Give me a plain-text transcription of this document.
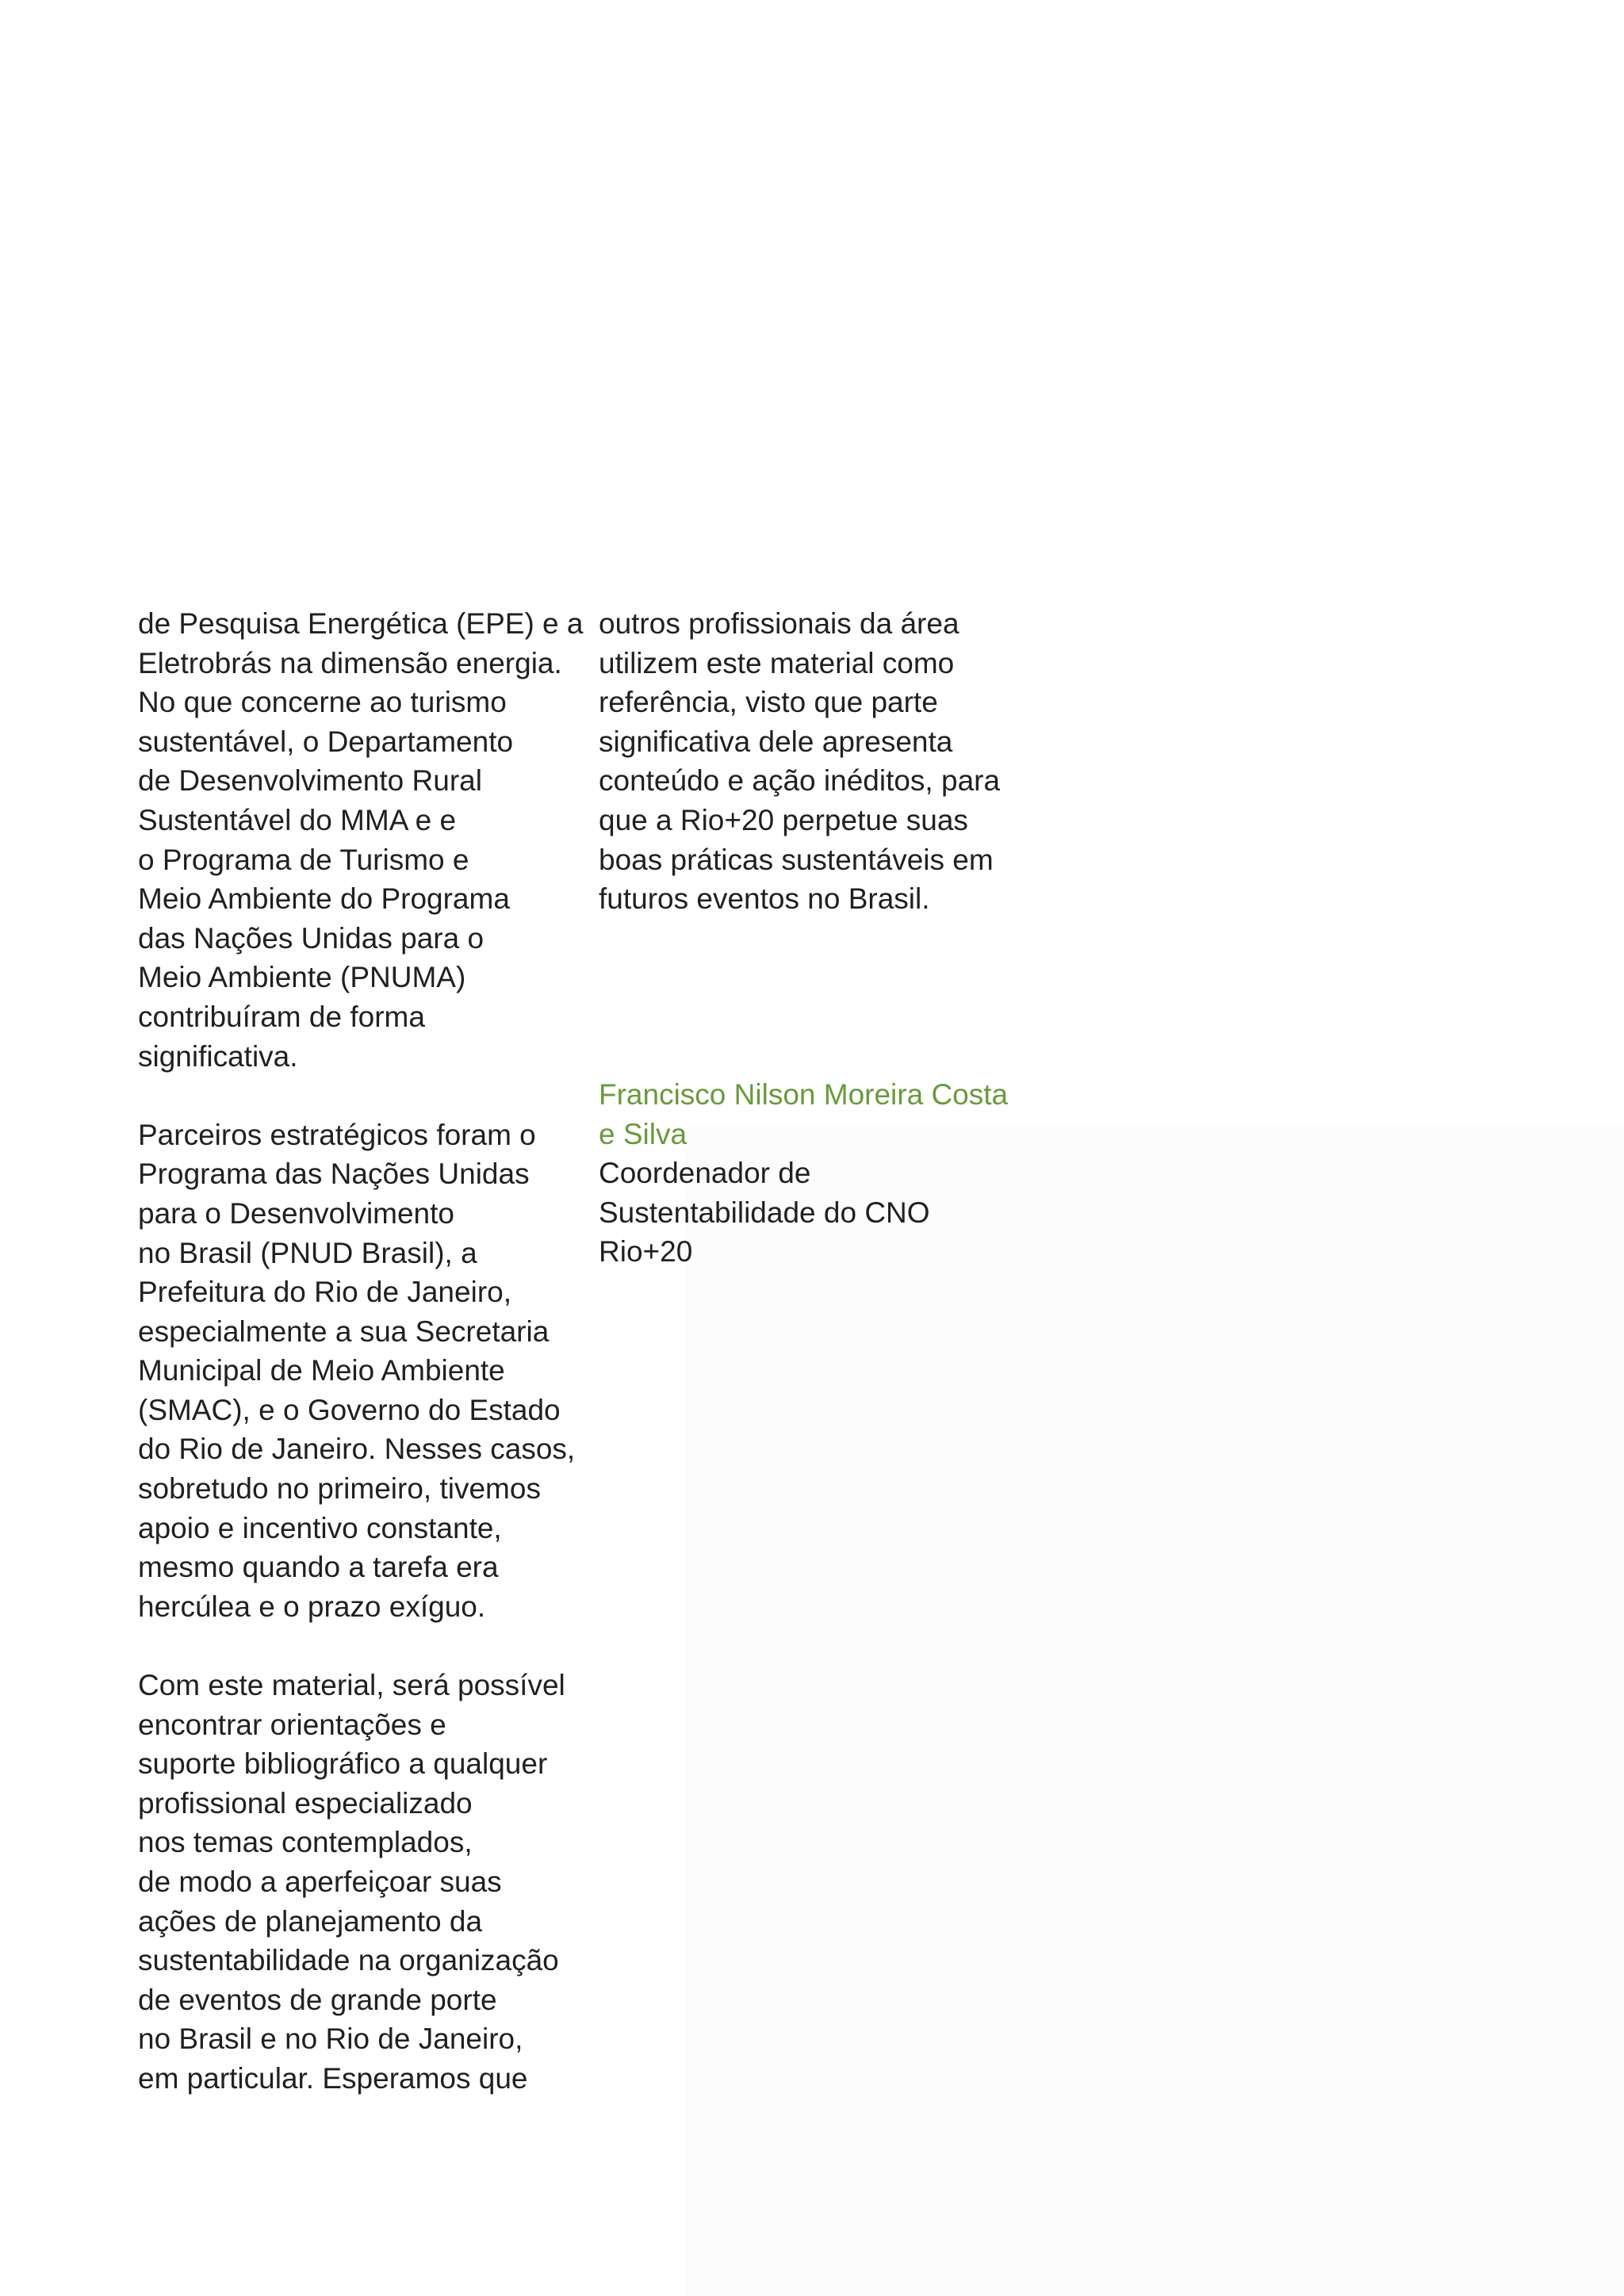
de Pesquisa Energética (EPE) e a
Eletrobrás na dimensão energia.
No que concerne ao turismo
sustentável, o Departamento
de Desenvolvimento Rural
Sustentável do MMA e e
o Programa de Turismo e
Meio Ambiente do Programa
das Nações Unidas para o
Meio Ambiente (PNUMA)
contribuíram de forma
significativa.
Parceiros estratégicos foram o
Programa das Nações Unidas
para o Desenvolvimento
no Brasil (PNUD Brasil), a
Prefeitura do Rio de Janeiro,
especialmente a sua Secretaria
Municipal de Meio Ambiente
(SMAC), e o Governo do Estado
do Rio de Janeiro. Nesses casos,
sobretudo no primeiro, tivemos
apoio e incentivo constante,
mesmo quando a tarefa era
hercúlea e o prazo exíguo.
Com este material, será possível
encontrar orientações e
suporte bibliográfico a qualquer
profissional especializado
nos temas contemplados,
de modo a aperfeiçoar suas
ações de planejamento da
sustentabilidade na organização
de eventos de grande porte
no Brasil e no Rio de Janeiro,
em particular. Esperamos que
outros profissionais da área
utilizem este material como
referência, visto que parte
significativa dele apresenta
conteúdo e ação inéditos, para
que a Rio+20 perpetue suas
boas práticas sustentáveis em
futuros eventos no Brasil.
Francisco Nilson Moreira Costa
e Silva
Coordenador de
Sustentabilidade do CNO
Rio+20
